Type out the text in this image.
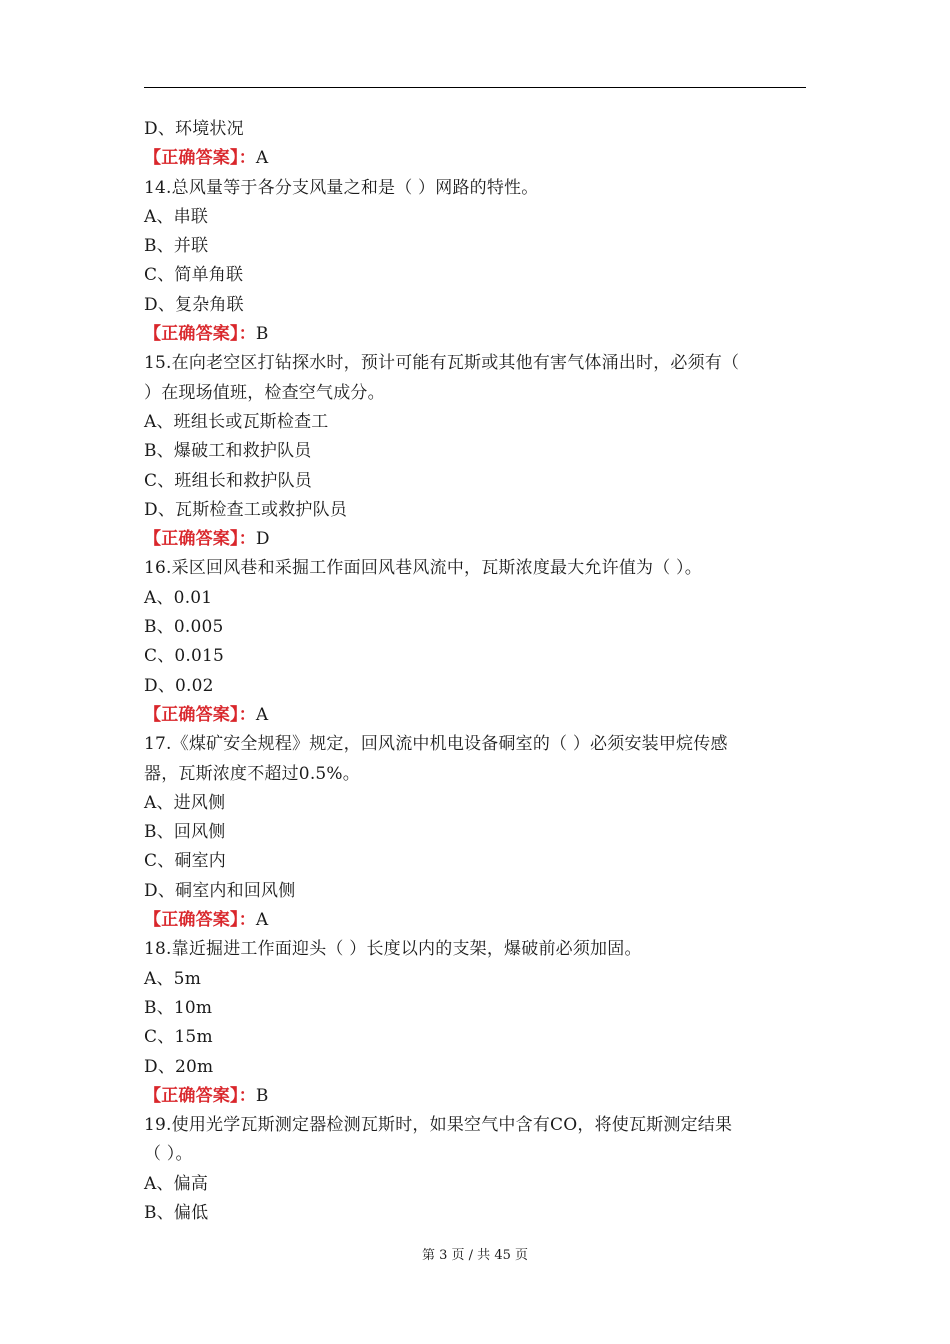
D、环境状况
【正确答案】：A
14.总风量等于各分支风量之和是（ ）网路的特性。
A、串联
B、并联
C、简单角联
D、复杂角联
【正确答案】：B
15.在向老空区打钻探水时，预计可能有瓦斯或其他有害气体涌出时，必须有（
）在现场值班，检查空气成分。
A、班组长或瓦斯检查工
B、爆破工和救护队员
C、班组长和救护队员
D、瓦斯检查工或救护队员
【正确答案】：D
16.采区回风巷和采掘工作面回风巷风流中，瓦斯浓度最大允许值为（ ）。
A、0.01
B、0.005
C、0.015
D、0.02
【正确答案】：A
17.《煤矿安全规程》规定，回风流中机电设备硐室的（ ）必须安装甲烷传感
器，瓦斯浓度不超过0.5%。
A、进风侧
B、回风侧
C、硐室内
D、硐室内和回风侧
【正确答案】：A
18.靠近掘进工作面迎头（ ）长度以内的支架，爆破前必须加固。
A、5m
B、10m
C、15m
D、20m
【正确答案】：B
19.使用光学瓦斯测定器检测瓦斯时，如果空气中含有CO，将使瓦斯测定结果
（ ）。
A、偏高
B、偏低
第 3 页 / 共 45 页
